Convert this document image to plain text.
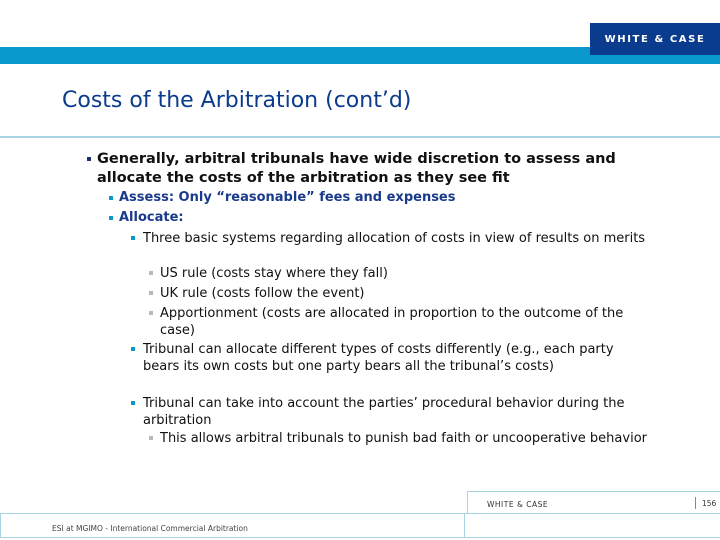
WHITE & CASE
Costs of the Arbitration (cont’d)
Generally, arbitral tribunals have wide discretion to assess and allocate the costs of the arbitration as they see fit
Assess: Only “reasonable” fees and expenses
Allocate:
Three basic systems regarding allocation of costs in view of results on merits
US rule (costs stay where they fall)
UK rule (costs follow the event)
Apportionment (costs are allocated in proportion to the outcome of the case)
Tribunal can allocate different types of costs differently (e.g., each party bears its own costs but one party bears all the tribunal’s costs)
Tribunal can take into account the parties’ procedural behavior during the arbitration
This allows arbitral tribunals to punish bad faith or uncooperative behavior
WHITE & CASE	156
ESI at MGIMO - International Commercial Arbitration
